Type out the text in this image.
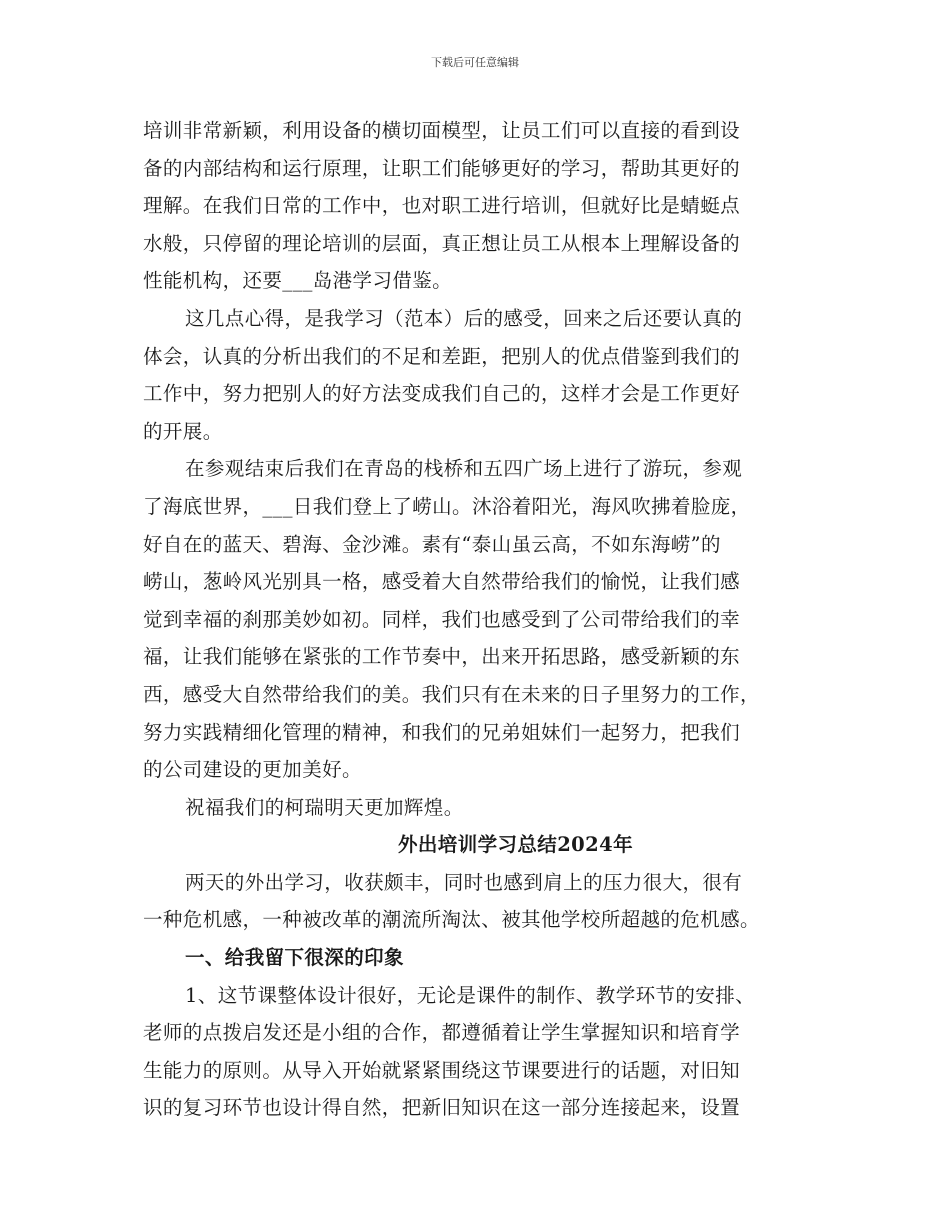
下载后可任意编辑
培训非常新颖，利用设备的横切面模型，让员工们可以直接的看到设
备的内部结构和运行原理，让职工们能够更好的学习，帮助其更好的
理解。在我们日常的工作中，也对职工进行培训，但就好比是蜻蜓点
水般，只停留的理论培训的层面，真正想让员工从根本上理解设备的
性能机构，还要___岛港学习借鉴。
这几点心得，是我学习（范本）后的感受，回来之后还要认真的
体会，认真的分析出我们的不足和差距，把别人的优点借鉴到我们的
工作中，努力把别人的好方法变成我们自己的，这样才会是工作更好
的开展。
在参观结束后我们在青岛的栈桥和五四广场上进行了游玩，参观
了海底世界，___日我们登上了崂山。沐浴着阳光，海风吹拂着脸庞，
好自在的蓝天、碧海、金沙滩。素有“泰山虽云高，不如东海崂”的
崂山，葱岭风光别具一格，感受着大自然带给我们的愉悦，让我们感
觉到幸福的刹那美妙如初。同样，我们也感受到了公司带给我们的幸
福，让我们能够在紧张的工作节奏中，出来开拓思路，感受新颖的东
西，感受大自然带给我们的美。我们只有在未来的日子里努力的工作，
努力实践精细化管理的精神，和我们的兄弟姐妹们一起努力，把我们
的公司建设的更加美好。
祝福我们的柯瑞明天更加辉煌。
外出培训学习总结2024年
两天的外出学习，收获颇丰，同时也感到肩上的压力很大，很有
一种危机感，一种被改革的潮流所淘汰、被其他学校所超越的危机感。
一、给我留下很深的印象
1、这节课整体设计很好，无论是课件的制作、教学环节的安排、
老师的点拨启发还是小组的合作，都遵循着让学生掌握知识和培育学
生能力的原则。从导入开始就紧紧围绕这节课要进行的话题，对旧知
识的复习环节也设计得自然，把新旧知识在这一部分连接起来，设置
